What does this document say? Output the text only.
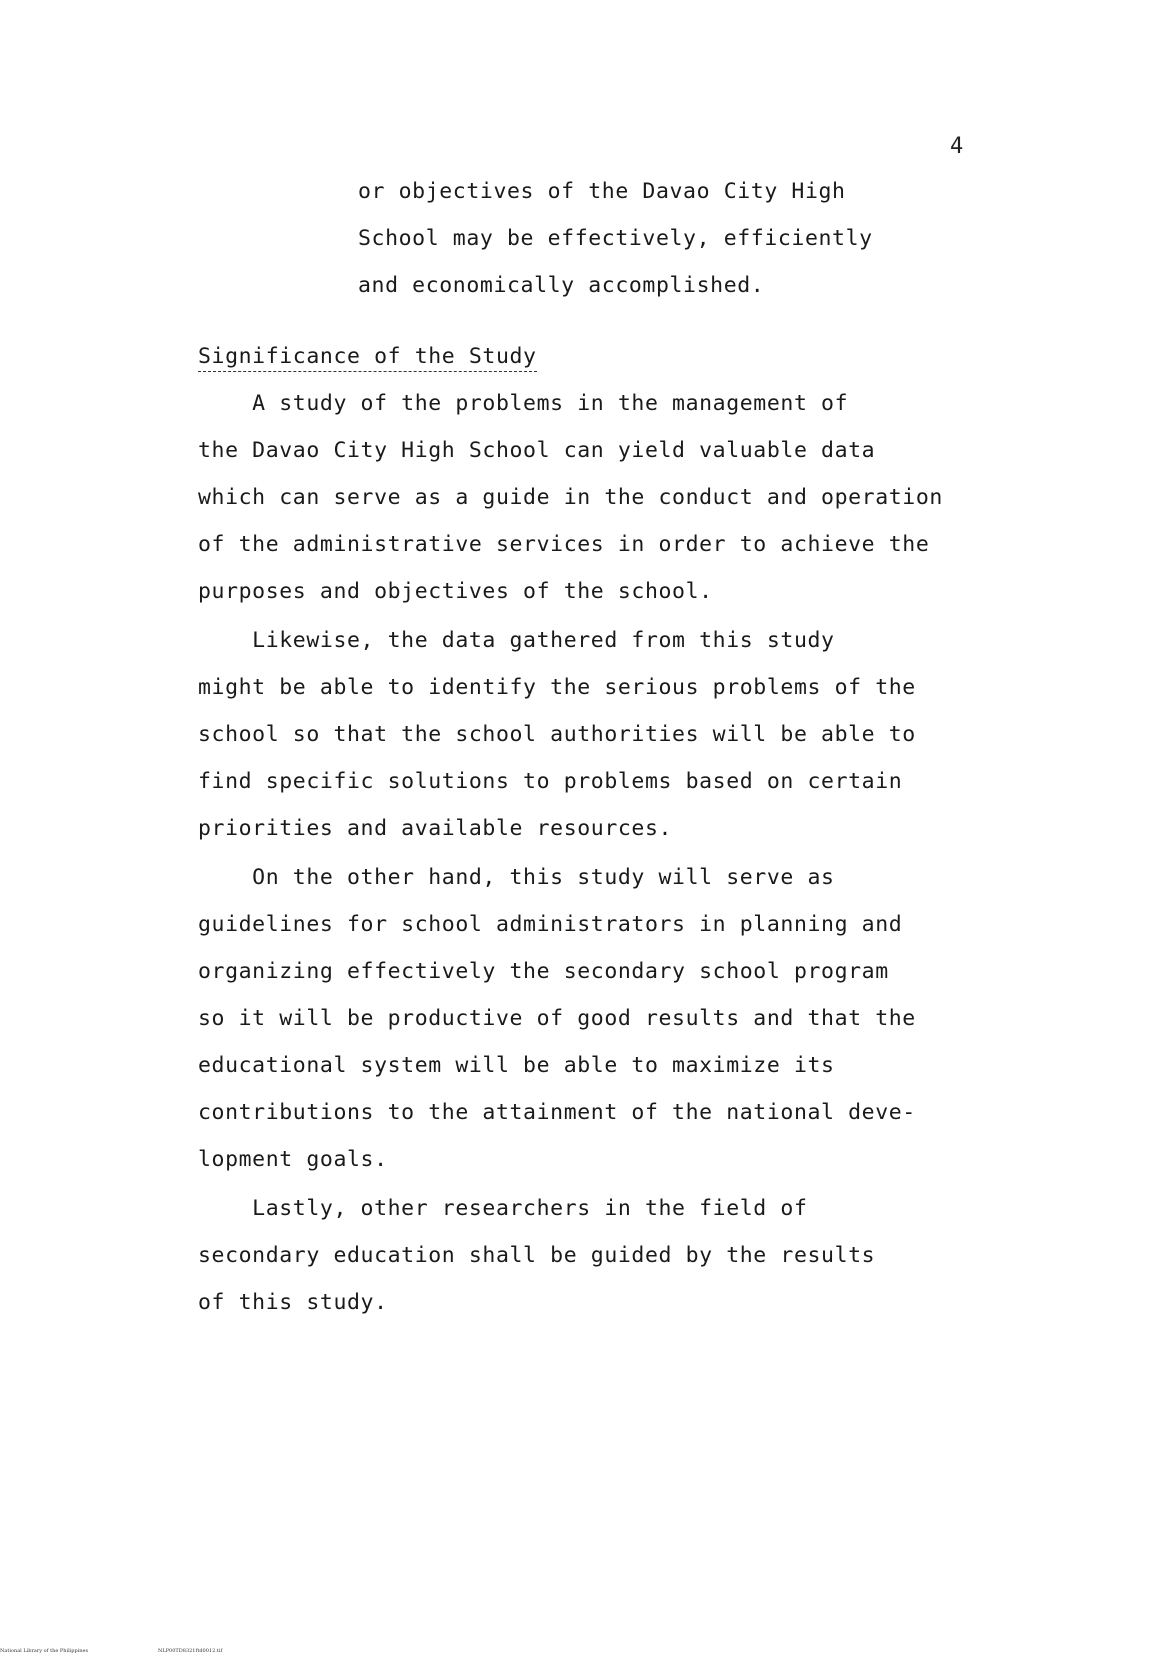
4
or objectives of the Davao City High
School may be effectively, efficiently
and economically accomplished.
Significance of the Study
A study of the problems in the management of
the Davao City High School can yield valuable data
which can serve as a guide in the conduct and operation
of the administrative services in order to achieve the
purposes and objectives of the school.
Likewise, the data gathered from this study
might be able to identify the serious problems of the
school so that the school authorities will be able to
find specific solutions to problems based on certain
priorities and available resources.
On the other hand, this study will serve as
guidelines for school administrators in planning and
organizing effectively the secondary school program
so it will be productive of good results and that the
educational system will be able to maximize its
contributions to the attainment of the national deve-
lopment goals.
Lastly, other researchers in the field of
secondary education shall be guided by the results
of this study.
National Library of the Philippines	NLP00TD8321ftd0012.tif
